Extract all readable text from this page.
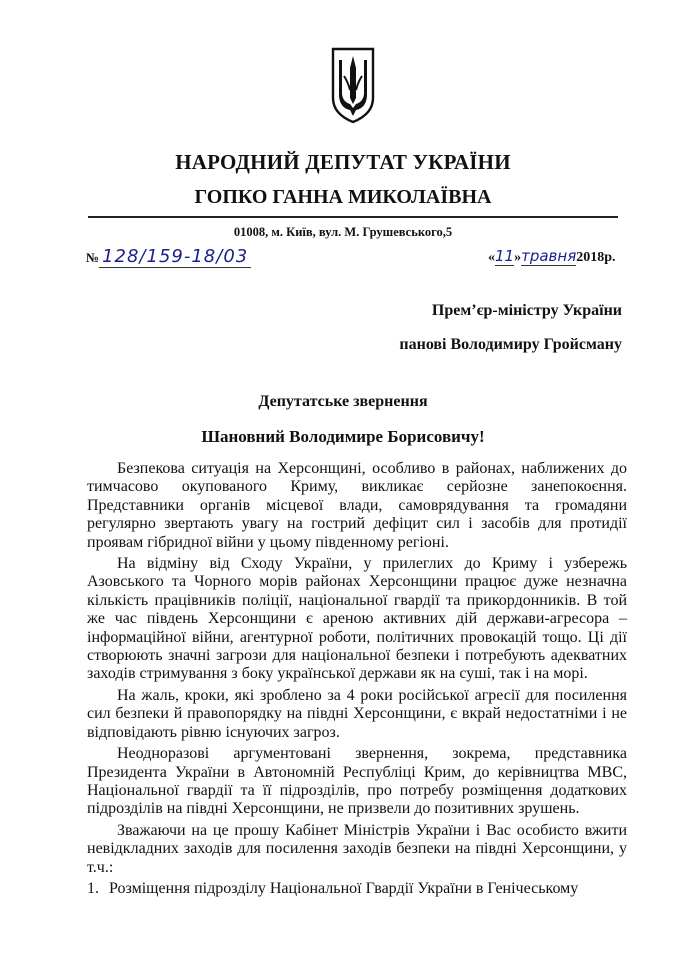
НАРОДНИЙ ДЕПУТАТ УКРАЇНИ
ГОПКО ГАННА МИКОЛАЇВНА
01008, м. Київ, вул. М. Грушевського,5
№ 128/159-18/03	«11»травня2018р.
Прем’єр-міністру України
панові Володимиру Гройсману
Депутатське звернення
Шановний Володимире Борисовичу!

Безпекова ситуація на Херсонщині, особливо в районах, наближених до тимчасово окупованого Криму, викликає серйозне занепокоєння. Представники органів місцевої влади, самоврядування та громадяни регулярно звертають увагу на гострий дефіцит сил і засобів для протидії проявам гібридної війни у цьому південному регіоні.

На відміну від Сходу України, у прилеглих до Криму і узбережь Азовського та Чорного морів районах Херсонщини працює дуже незначна кількість працівників поліції, національної гвардії та прикордонників. В той же час південь Херсонщини є ареною активних дій держави-агресора – інформаційної війни, агентурної роботи, політичних провокацій тощо. Ці дії створюють значні загрози для національної безпеки і потребують адекватних заходів стримування з боку української держави як на суші, так і на морі.

На жаль, кроки, які зроблено за 4 роки російської агресії для посилення сил безпеки й правопорядку на півдні Херсонщини, є вкрай недостатніми і не відповідають рівню існуючих загроз.

Неодноразові аргументовані звернення, зокрема, представника Президента України в Автономній Республіці Крим, до керівництва МВС, Національної гвардії та її підрозділів, про потребу розміщення додаткових підрозділів на півдні Херсонщини, не призвели до позитивних зрушень.

Зважаючи на це прошу Кабінет Міністрів України і Вас особисто вжити невідкладних заходів для посилення заходів безпеки на півдні Херсонщини, у т.ч.:

1. Розміщення підрозділу Національної Гвардії України в Генічеському
